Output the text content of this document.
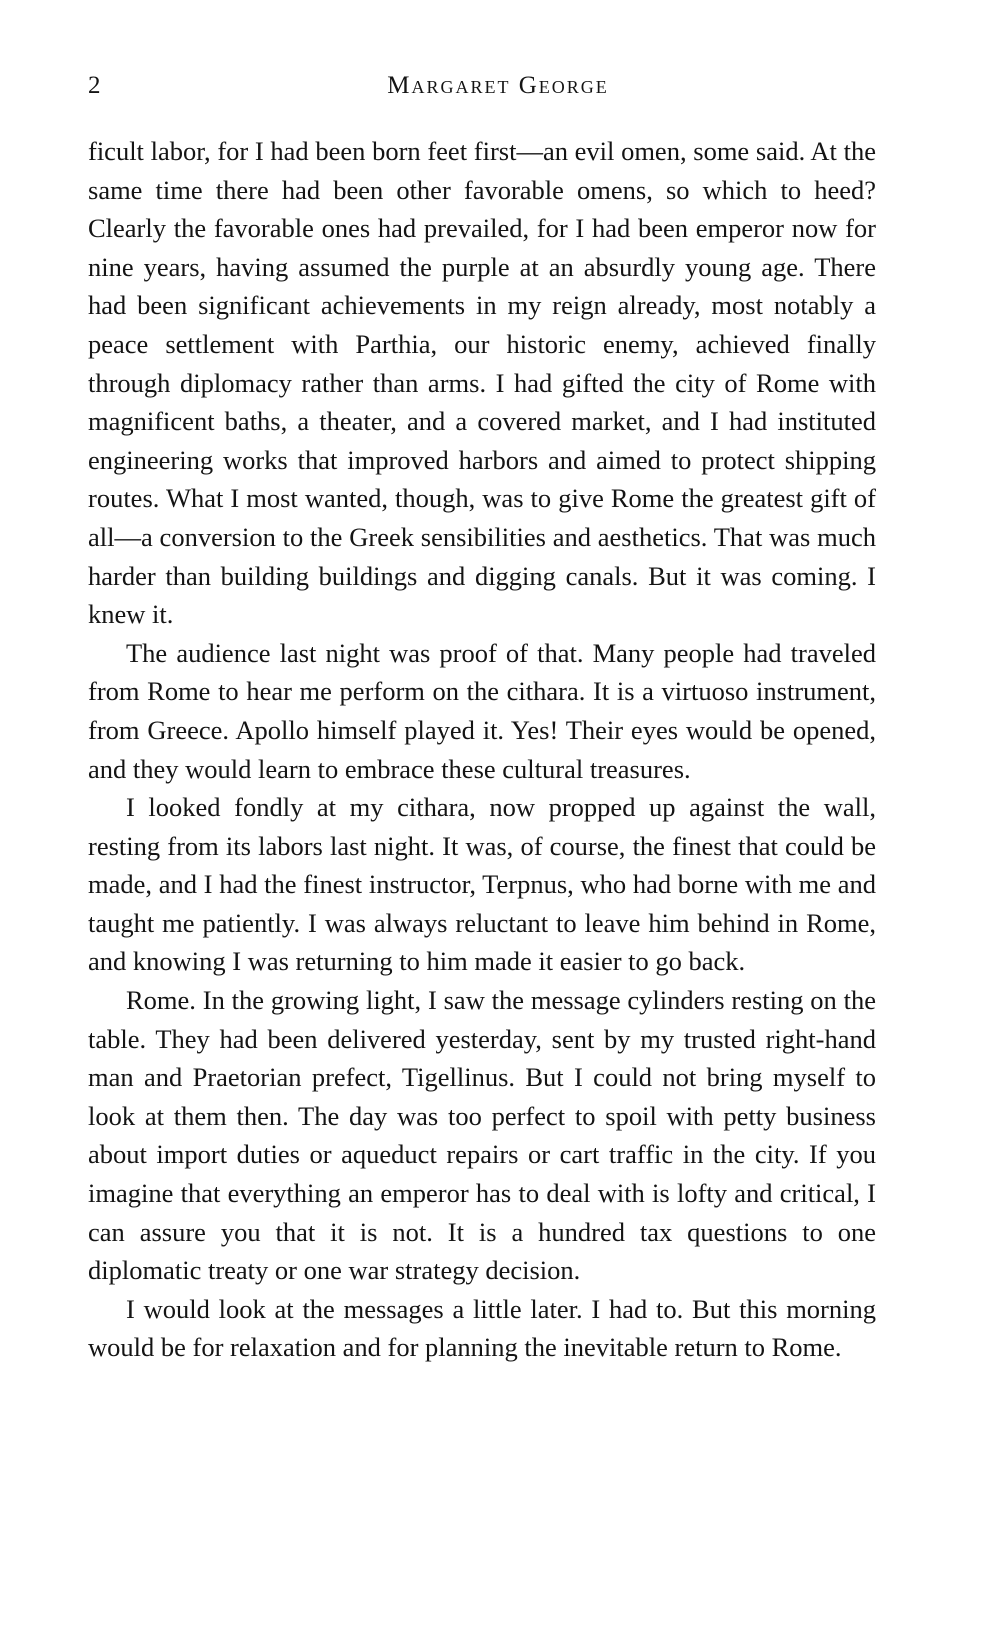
2	Margaret George

ficult labor, for I had been born feet first—an evil omen, some said. At the same time there had been other favorable omens, so which to heed? Clearly the favorable ones had prevailed, for I had been emperor now for nine years, having assumed the purple at an absurdly young age. There had been significant achievements in my reign already, most notably a peace settlement with Parthia, our historic enemy, achieved finally through diplomacy rather than arms. I had gifted the city of Rome with magnificent baths, a theater, and a covered market, and I had instituted engineering works that improved harbors and aimed to protect shipping routes. What I most wanted, though, was to give Rome the greatest gift of all—a conversion to the Greek sensibilities and aesthetics. That was much harder than building buildings and digging canals. But it was coming. I knew it.

The audience last night was proof of that. Many people had traveled from Rome to hear me perform on the cithara. It is a virtuoso instrument, from Greece. Apollo himself played it. Yes! Their eyes would be opened, and they would learn to embrace these cultural treasures.

I looked fondly at my cithara, now propped up against the wall, resting from its labors last night. It was, of course, the finest that could be made, and I had the finest instructor, Terpnus, who had borne with me and taught me patiently. I was always reluctant to leave him behind in Rome, and knowing I was returning to him made it easier to go back.

Rome. In the growing light, I saw the message cylinders resting on the table. They had been delivered yesterday, sent by my trusted right-hand man and Praetorian prefect, Tigellinus. But I could not bring myself to look at them then. The day was too perfect to spoil with petty business about import duties or aqueduct repairs or cart traffic in the city. If you imagine that everything an emperor has to deal with is lofty and critical, I can assure you that it is not. It is a hundred tax questions to one diplomatic treaty or one war strategy decision.

I would look at the messages a little later. I had to. But this morning would be for relaxation and for planning the inevitable return to Rome.
